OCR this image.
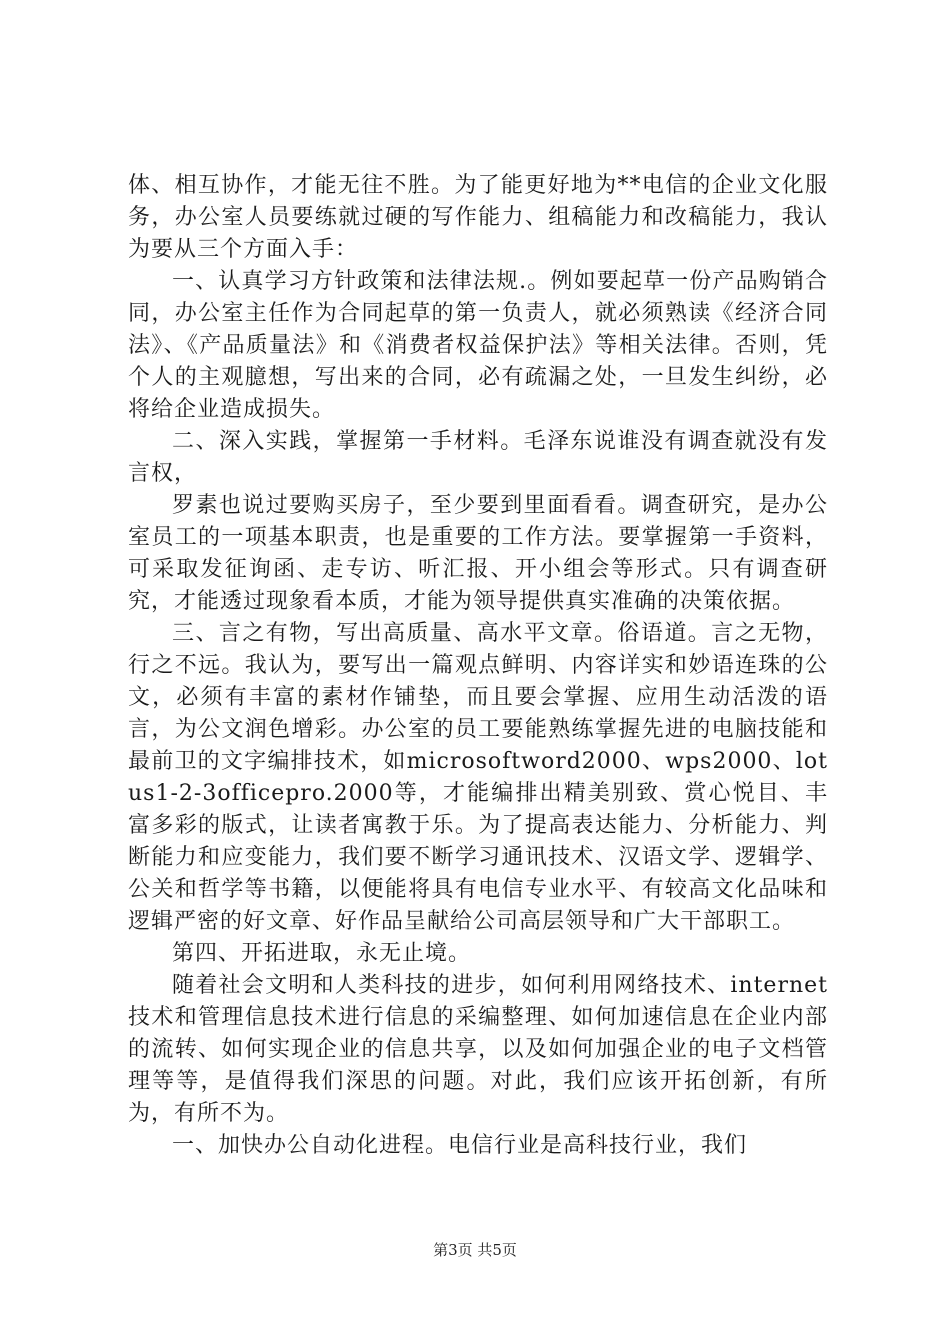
体、相互协作，才能无往不胜。为了能更好地为**电信的企业文化服务，办公室人员要练就过硬的写作能力、组稿能力和改稿能力，我认为要从三个方面入手：

一、认真学习方针政策和法律法规.。例如要起草一份产品购销合同，办公室主任作为合同起草的第一负责人，就必须熟读《经济合同法》、《产品质量法》和《消费者权益保护法》等相关法律。否则，凭个人的主观臆想，写出来的合同，必有疏漏之处，一旦发生纠纷，必将给企业造成损失。

二、深入实践，掌握第一手材料。毛泽东说谁没有调查就没有发言权，

罗素也说过要购买房子，至少要到里面看看。调查研究，是办公室员工的一项基本职责，也是重要的工作方法。要掌握第一手资料，可采取发征询函、走专访、听汇报、开小组会等形式。只有调查研究，才能透过现象看本质，才能为领导提供真实准确的决策依据。

三、言之有物，写出高质量、高水平文章。俗语道。言之无物，行之不远。我认为，要写出一篇观点鲜明、内容详实和妙语连珠的公文，必须有丰富的素材作铺垫，而且要会掌握、应用生动活泼的语言，为公文润色增彩。办公室的员工要能熟练掌握先进的电脑技能和最前卫的文字编排技术，如microsoftword2000、wps2000、lotus1-2-3officepro.2000等，才能编排出精美别致、赏心悦目、丰富多彩的版式，让读者寓教于乐。为了提高表达能力、分析能力、判断能力和应变能力，我们要不断学习通讯技术、汉语文学、逻辑学、公关和哲学等书籍，以便能将具有电信专业水平、有较高文化品味和逻辑严密的好文章、好作品呈献给公司高层领导和广大干部职工。

第四、开拓进取，永无止境。

随着社会文明和人类科技的进步，如何利用网络技术、internet技术和管理信息技术进行信息的采编整理、如何加速信息在企业内部的流转、如何实现企业的信息共享，以及如何加强企业的电子文档管理等等，是值得我们深思的问题。对此，我们应该开拓创新，有所为，有所不为。

一、加快办公自动化进程。电信行业是高科技行业，我们

第3页 共5页
